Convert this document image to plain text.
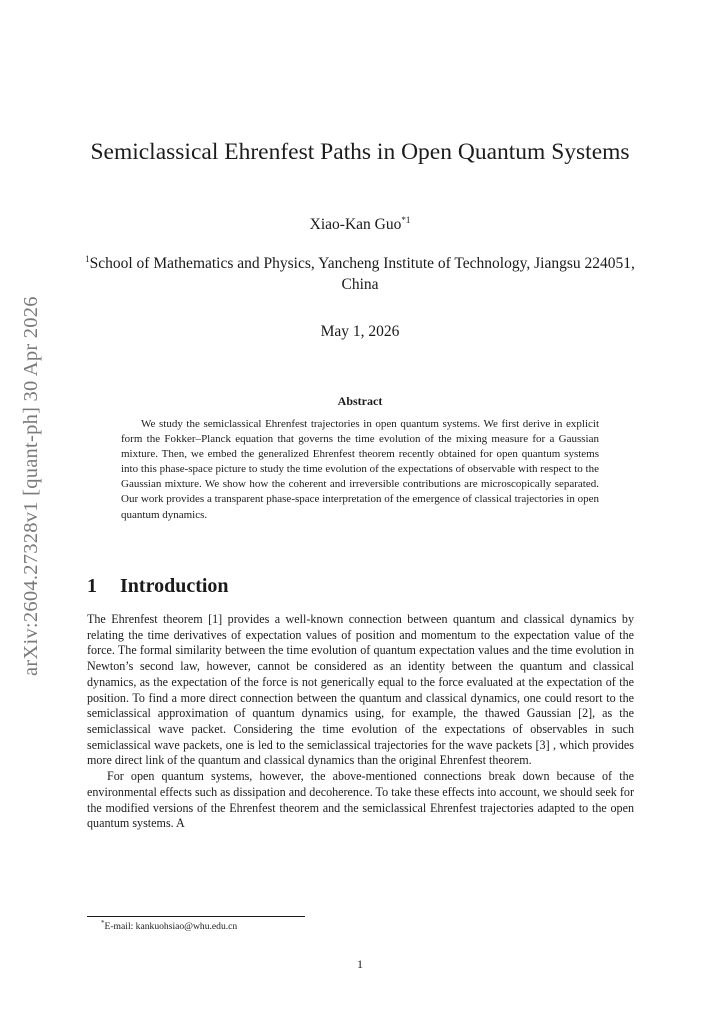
arXiv:2604.27328v1 [quant-ph] 30 Apr 2026
Semiclassical Ehrenfest Paths in Open Quantum Systems
Xiao-Kan Guo$^{*1}$
$^1$School of Mathematics and Physics, Yancheng Institute of Technology, Jiangsu 224051, China
May 1, 2026
Abstract
We study the semiclassical Ehrenfest trajectories in open quantum systems. We first derive in explicit form the Fokker–Planck equation that governs the time evolution of the mixing measure for a Gaussian mixture. Then, we embed the generalized Ehrenfest theorem recently obtained for open quantum systems into this phase-space picture to study the time evolution of the expectations of observable with respect to the Gaussian mixture. We show how the coherent and irreversible contributions are microscopically separated. Our work provides a transparent phase-space interpretation of the emergence of classical trajectories in open quantum dynamics.
1 Introduction

The Ehrenfest theorem [1] provides a well-known connection between quantum and classical dynamics by relating the time derivatives of expectation values of position and momentum to the expectation value of the force. The formal similarity between the time evolution of quantum expectation values and the time evolution in Newton’s second law, however, cannot be considered as an identity between the quantum and classical dynamics, as the expectation of the force is not generically equal to the force evaluated at the expectation of the position. To find a more direct connection between the quantum and classical dynamics, one could resort to the semiclassical approximation of quantum dynamics using, for example, the thawed Gaussian [2], as the semiclassical wave packet. Considering the time evolution of the expectations of observables in such semiclassical wave packets, one is led to the semiclassical trajectories for the wave packets [3] , which provides more direct link of the quantum and classical dynamics than the original Ehrenfest theorem.

For open quantum systems, however, the above-mentioned connections break down because of the environmental effects such as dissipation and decoherence. To take these effects into account, we should seek for the modified versions of the Ehrenfest theorem and the semiclassical Ehrenfest trajectories adapted to the open quantum systems. A

*E-mail: kankuohsiao@whu.edu.cn
1
